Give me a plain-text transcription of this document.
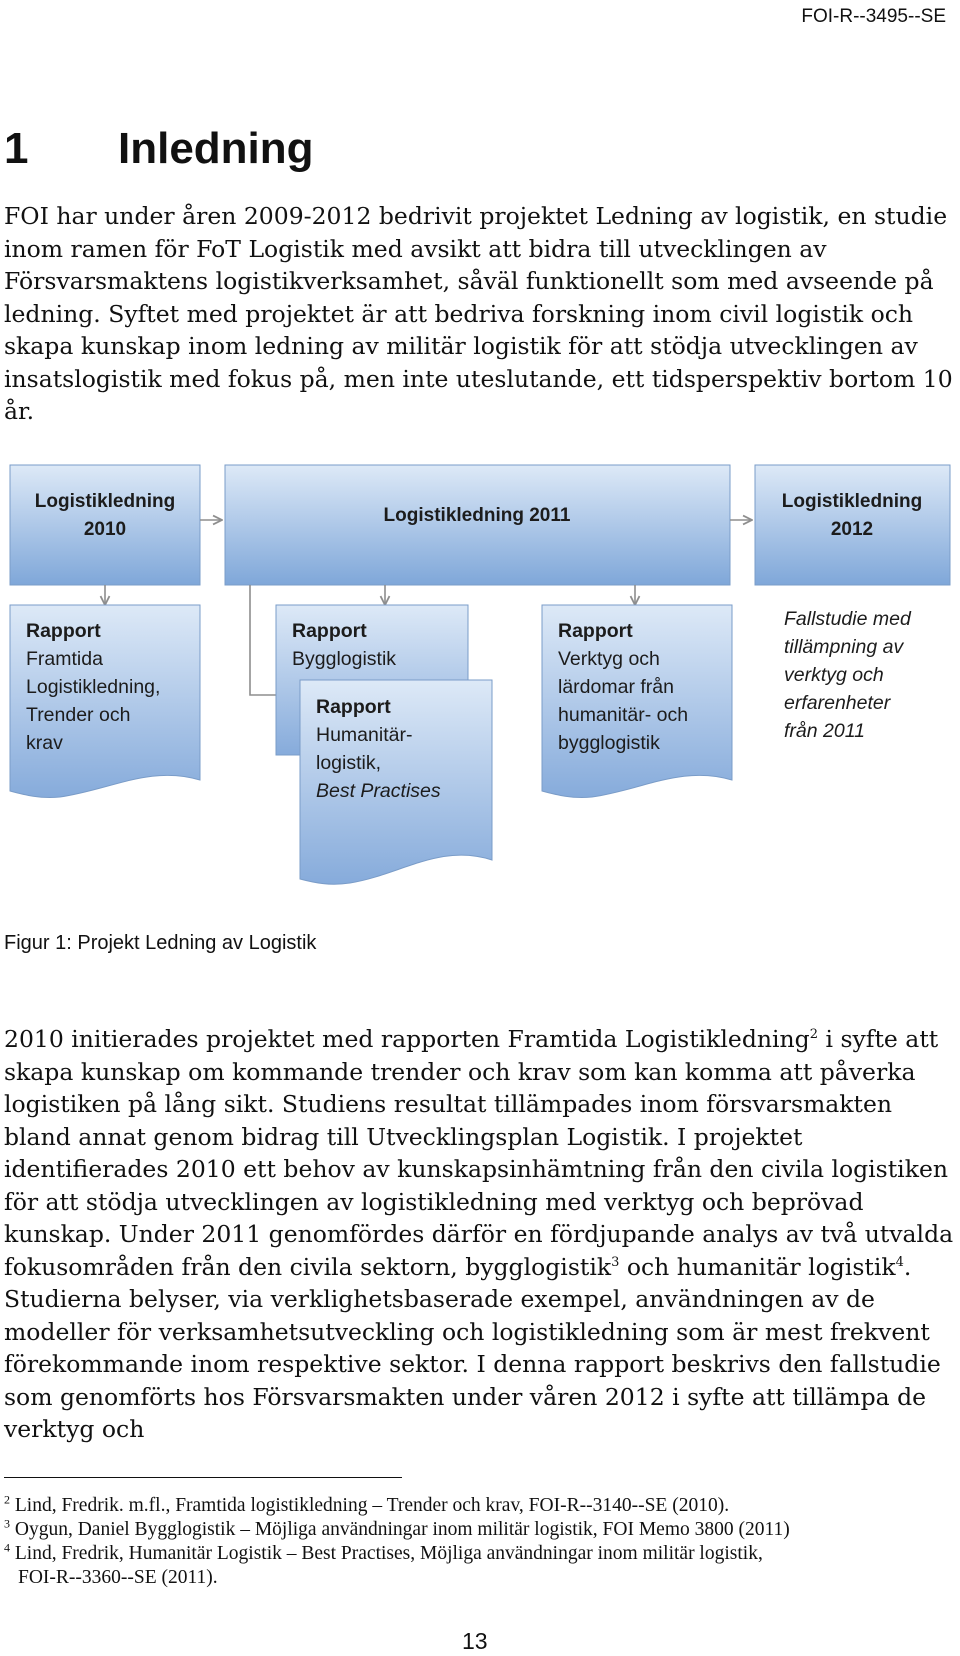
FOI-R--3495--SE
1 Inledning

FOI har under åren 2009-2012 bedrivit projektet Ledning av logistik, en studie inom ramen för FoT Logistik med avsikt att bidra till utvecklingen av Försvarsmaktens logistikverksamhet, såväl funktionellt som med avseende på ledning. Syftet med projektet är att bedriva forskning inom civil logistik och skapa kunskap inom ledning av militär logistik för att stödja utvecklingen av insatslogistik med fokus på, men inte uteslutande, ett tidsperspektiv bortom 10 år.

Logistikledning
2010
Logistikledning 2011
Logistikledning
2012
Rapport
Framtida
Logistikledning,
Trender och
krav
Rapport
Bygglogistik
Rapport
Humanitär-
logistik,
Best Practises
Rapport
Verktyg och
lärdomar från
humanitär- och
bygglogistik
Fallstudie med
tillämpning av
verktyg och
erfarenheter
från 2011
Figur 1: Projekt Ledning av Logistik

2010 initierades projektet med rapporten Framtida Logistikledning$^2$ i syfte att skapa kunskap om kommande trender och krav som kan komma att påverka logistiken på lång sikt. Studiens resultat tillämpades inom försvarsmakten bland annat genom bidrag till Utvecklingsplan Logistik. I projektet identifierades 2010 ett behov av kunskapsinhämtning från den civila logistiken för att stödja utvecklingen av logistikledning med verktyg och beprövad kunskap. Under 2011 genomfördes därför en fördjupande analys av två utvalda fokusområden från den civila sektorn, bygglogistik$^3$ och humanitär logistik$^4$. Studierna belyser, via verklighetsbaserade exempel, användningen av de modeller för verksamhetsutveckling och logistikledning som är mest frekvent förekommande inom respektive sektor. I denna rapport beskrivs den fallstudie som genomförts hos Försvarsmakten under våren 2012 i syfte att tillämpa de verktyg och

$^2$ Lind, Fredrik. m.fl., Framtida logistikledning – Trender och krav, FOI-R--3140--SE (2010).
$^3$ Oygun, Daniel Bygglogistik – Möjliga användningar inom militär logistik, FOI Memo 3800 (2011)
$^4$ Lind, Fredrik, Humanitär Logistik – Best Practises, Möjliga användningar inom militär logistik,
FOI-R--3360--SE (2011).
13
